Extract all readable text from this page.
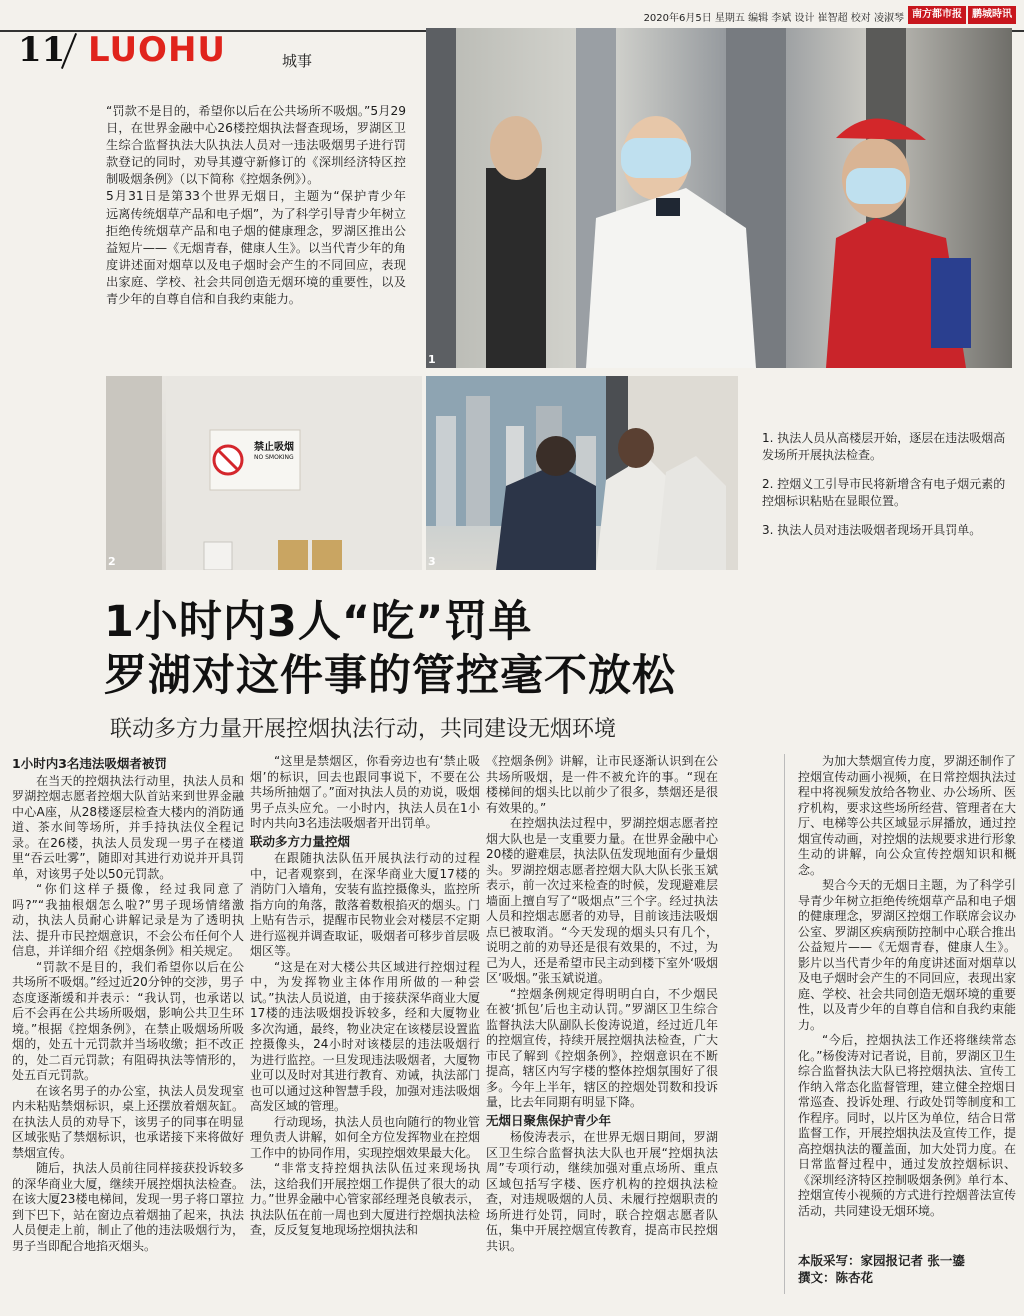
2020年6月5日 星期五 编辑 李斌 设计 崔智超 校对 凌淑琴 南方都市报	鹏城時讯
11 LUOHU	城事

“罚款不是目的，希望你以后在公共场所不吸烟。”5月29日，在世界金融中心26楼控烟执法督查现场，罗湖区卫生综合监督执法大队执法人员对一违法吸烟男子进行罚款登记的同时，劝导其遵守新修订的《深圳经济特区控制吸烟条例》（以下简称《控烟条例》）。

5月31日是第33个世界无烟日，主题为“保护青少年　远离传统烟草产品和电子烟”，为了科学引导青少年树立拒绝传统烟草产品和电子烟的健康理念，罗湖区推出公益短片——《无烟青春，健康人生》。以当代青少年的角度讲述面对烟草以及电子烟时会产生的不同回应，表现出家庭、学校、社会共同创造无烟环境的重要性，以及青少年的自尊自信和自我约束能力。

1
禁止吸烟
NO SMOKING
2	3

1. 执法人员从高楼层开始，逐层在违法吸烟高发场所开展执法检查。

2. 控烟义工引导市民将新增含有电子烟元素的控烟标识粘贴在显眼位置。

3. 执法人员对违法吸烟者现场开具罚单。

1小时内3人“吃”罚单
罗湖对这件事的管控毫不放松
联动多方力量开展控烟执法行动，共同建设无烟环境
1小时内3名违法吸烟者被罚

在当天的控烟执法行动里，执法人员和罗湖控烟志愿者控烟大队首站来到世界金融中心A座，从28楼逐层检查大楼内的消防通道、茶水间等场所，并手持执法仪全程记录。在26楼，执法人员发现一男子在楼道里“吞云吐雾”，随即对其进行劝说并开具罚单，对该男子处以50元罚款。

“你们这样子摄像，经过我同意了吗?”“我抽根烟怎么啦?”男子现场情绪激动，执法人员耐心讲解记录是为了透明执法、提升市民控烟意识，不会公布任何个人信息，并详细介绍《控烟条例》相关规定。

“罚款不是目的，我们希望你以后在公共场所不吸烟。”经过近20分钟的交涉，男子态度逐渐缓和并表示：“我认罚，也承诺以后不会再在公共场所吸烟，影响公共卫生环境。”根据《控烟条例》，在禁止吸烟场所吸烟的，处五十元罚款并当场收缴；拒不改正的，处二百元罚款；有阻碍执法等情形的，处五百元罚款。

在该名男子的办公室，执法人员发现室内未粘贴禁烟标识，桌上还摆放着烟灰缸。在执法人员的劝导下，该男子的同事在明显区域张贴了禁烟标识，也承诺接下来将做好禁烟宣传。

随后，执法人员前往同样接获投诉较多的深华商业大厦，继续开展控烟执法检查。在该大厦23楼电梯间，发现一男子将口罩拉到下巴下，站在窗边点着烟抽了起来，执法人员便走上前，制止了他的违法吸烟行为，男子当即配合地掐灭烟头。

“这里是禁烟区，你看旁边也有‘禁止吸烟’的标识，回去也跟同事说下，不要在公共场所抽烟了。”面对执法人员的劝说，吸烟男子点头应允。一小时内，执法人员在1小时内共向3名违法吸烟者开出罚单。

联动多方力量控烟

在跟随执法队伍开展执法行动的过程中，记者观察到，在深华商业大厦17楼的消防门入墙角，安装有监控摄像头，监控所指方向的角落，散落着数根掐灭的烟头。门上贴有告示，提醒市民物业会对楼层不定期进行巡视并调查取证，吸烟者可移步首层吸烟区等。

“这是在对大楼公共区域进行控烟过程中，为发挥物业主体作用所做的一种尝试。”执法人员说道，由于接获深华商业大厦17楼的违法吸烟投诉较多，经和大厦物业多次沟通，最终，物业决定在该楼层设置监控摄像头，24小时对该楼层的违法吸烟行为进行监控。一旦发现违法吸烟者，大厦物业可以及时对其进行教育、劝诫，执法部门也可以通过这种智慧手段，加强对违法吸烟高发区域的管理。

行动现场，执法人员也向随行的物业管理负责人讲解，如何全方位发挥物业在控烟工作中的协同作用，实现控烟效果最大化。

“非常支持控烟执法队伍过来现场执法，这给我们开展控烟工作提供了很大的动力。”世界金融中心管家部经理尧良敏表示，执法队伍在前一周也到大厦进行控烟执法检查，反反复复地现场控烟执法和

《控烟条例》讲解，让市民逐渐认识到在公共场所吸烟，是一件不被允许的事。“现在楼梯间的烟头比以前少了很多，禁烟还是很有效果的。”

在控烟执法过程中，罗湖控烟志愿者控烟大队也是一支重要力量。在世界金融中心20楼的避难层，执法队伍发现地面有少量烟头。罗湖控烟志愿者控烟大队大队长张玉斌表示，前一次过来检查的时候，发现避难层墙面上擅自写了“吸烟点”三个字。经过执法人员和控烟志愿者的劝导，目前该违法吸烟点已被取消。“今天发现的烟头只有几个，说明之前的劝导还是很有效果的，不过，为己为人，还是希望市民主动到楼下室外‘吸烟区’吸烟。”张玉斌说道。

“控烟条例规定得明明白白，不少烟民在被‘抓包’后也主动认罚。”罗湖区卫生综合监督执法大队副队长俊涛说道，经过近几年的控烟宣传，持续开展控烟执法检查，广大市民了解到《控烟条例》，控烟意识在不断提高，辖区内写字楼的整体控烟氛围好了很多。今年上半年，辖区的控烟处罚数和投诉量，比去年同期有明显下降。

无烟日聚焦保护青少年

杨俊涛表示，在世界无烟日期间，罗湖区卫生综合监督执法大队也开展“控烟执法周”专项行动，继续加强对重点场所、重点区域包括写字楼、医疗机构的控烟执法检查，对违规吸烟的人员、未履行控烟职责的场所进行处罚，同时，联合控烟志愿者队伍，集中开展控烟宣传教育，提高市民控烟共识。

为加大禁烟宣传力度，罗湖还制作了控烟宣传动画小视频，在日常控烟执法过程中将视频发放给各物业、办公场所、医疗机构，要求这些场所经营、管理者在大厅、电梯等公共区域显示屏播放，通过控烟宣传动画，对控烟的法规要求进行形象生动的讲解，向公众宣传控烟知识和概念。

契合今天的无烟日主题，为了科学引导青少年树立拒绝传统烟草产品和电子烟的健康理念，罗湖区控烟工作联席会议办公室、罗湖区疾病预防控制中心联合推出公益短片——《无烟青春，健康人生》。影片以当代青少年的角度讲述面对烟草以及电子烟时会产生的不同回应，表现出家庭、学校、社会共同创造无烟环境的重要性，以及青少年的自尊自信和自我约束能力。

“今后，控烟执法工作还将继续常态化。”杨俊涛对记者说，目前，罗湖区卫生综合监督执法大队已将控烟执法、宣传工作纳入常态化监督管理，建立健全控烟日常巡查、投诉处理、行政处罚等制度和工作程序。同时，以片区为单位，结合日常监督工作，开展控烟执法及宣传工作，提高控烟执法的覆盖面，加大处罚力度。在日常监督过程中，通过发放控烟标识、《深圳经济特区控制吸烟条例》单行本、控烟宣传小视频的方式进行控烟普法宣传活动，共同建设无烟环境。

本版采写：家园报记者 张一鎏
撰文：陈杏花
